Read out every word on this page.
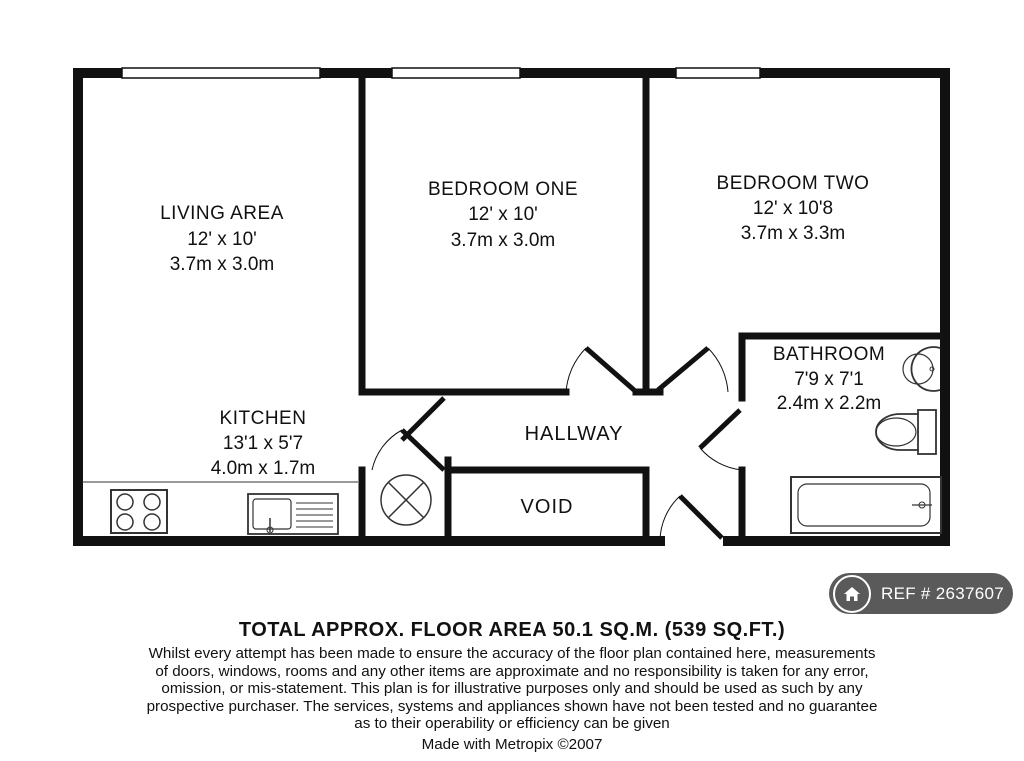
LIVING AREA
12' x 10'
3.7m x 3.0m
BEDROOM ONE
12' x 10'
3.7m x 3.0m
BEDROOM TWO
12' x 10'8
3.7m x 3.3m
BATHROOM
7'9 x 7'1
2.4m x 2.2m
KITCHEN
13'1 x 5'7
4.0m x 1.7m
HALLWAY
VOID
REF # 2637607
TOTAL APPROX. FLOOR AREA 50.1 SQ.M. (539 SQ.FT.)
Whilst every attempt has been made to ensure the accuracy of the floor plan contained here, measurements
of doors, windows, rooms and any other items are approximate and no responsibility is taken for any error,
omission, or mis-statement. This plan is for illustrative purposes only and should be used as such by any
prospective purchaser. The services, systems and appliances shown have not been tested and no guarantee
as to their operability or efficiency can be given
Made with Metropix ©2007
